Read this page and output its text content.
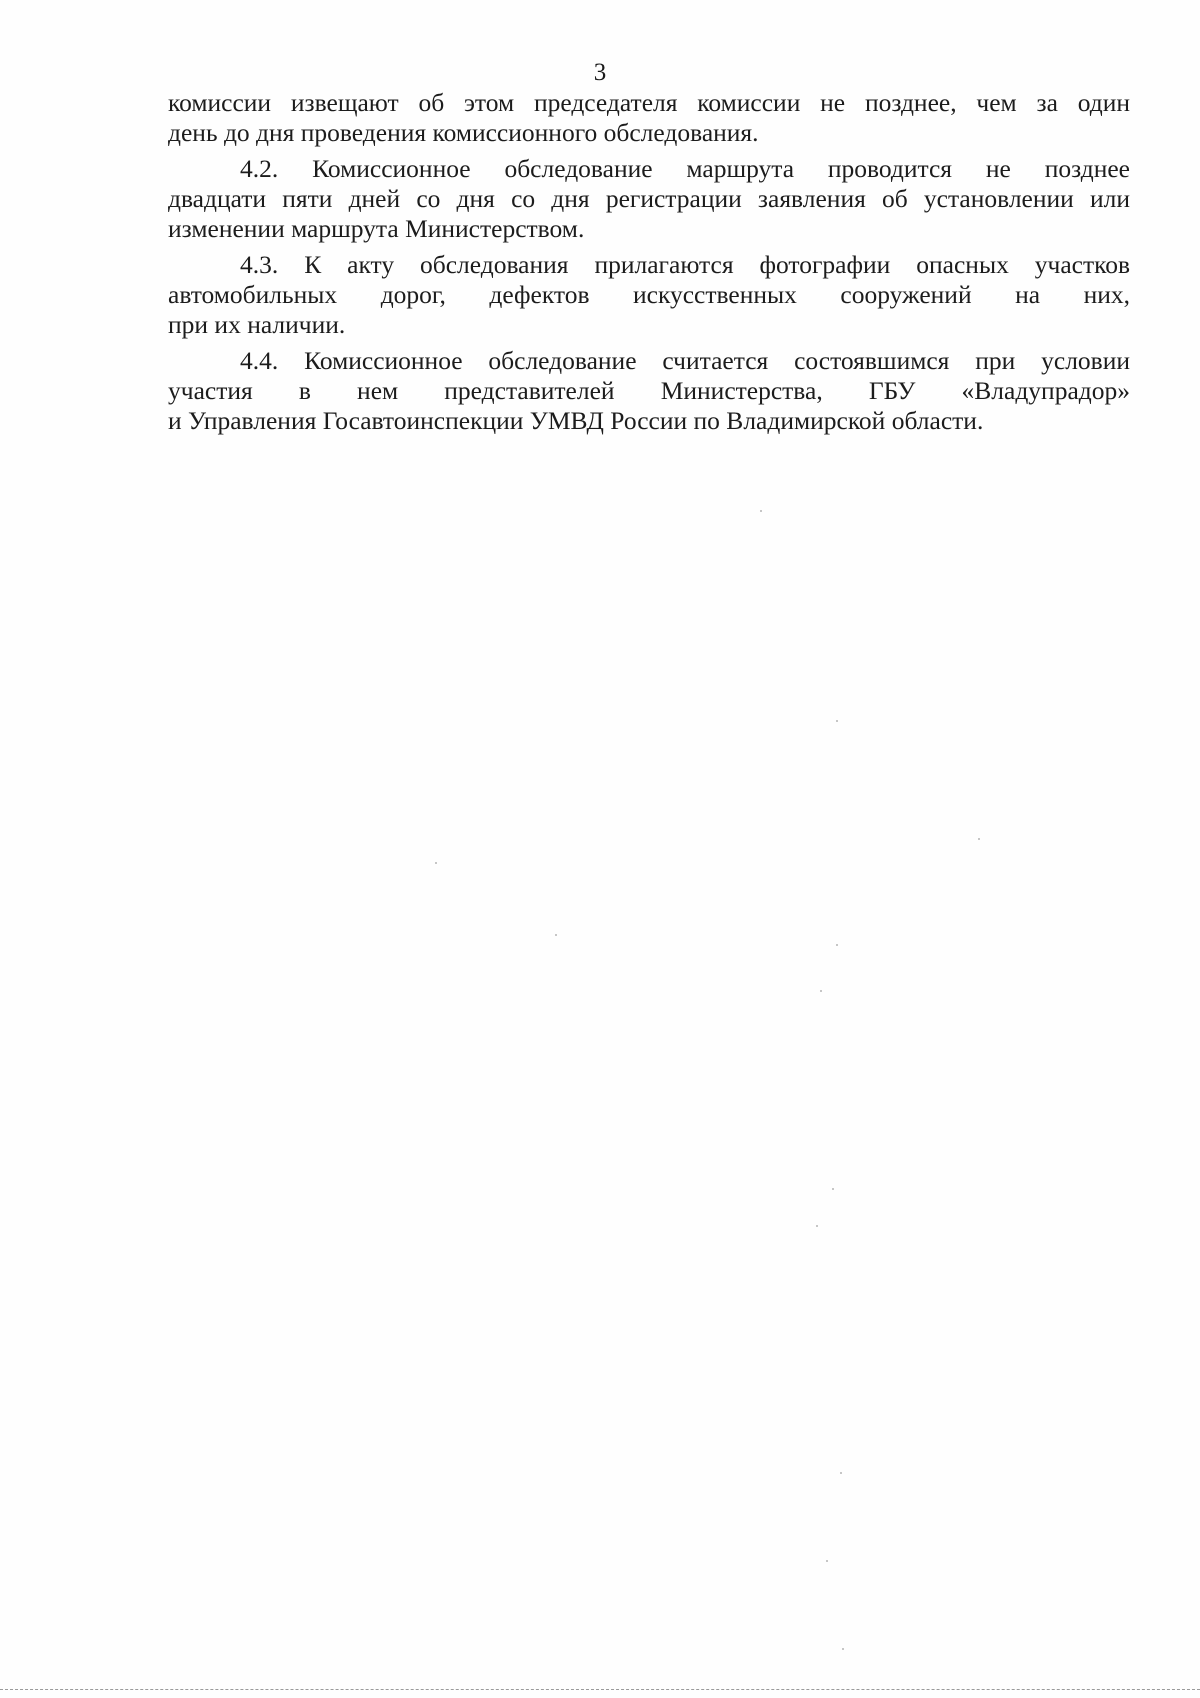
3
комиссии извещают об этом председателя комиссии не позднее, чем за один
день до дня проведения комиссионного обследования.
4.2. Комиссионное обследование маршрута проводится не позднее
двадцати пяти дней со дня со дня регистрации заявления об установлении или
изменении маршрута Министерством.
4.3. К акту обследования прилагаются фотографии опасных участков
автомобильных дорог, дефектов искусственных сооружений на них,
при их наличии.
4.4. Комиссионное обследование считается состоявшимся при условии
участия в нем представителей Министерства, ГБУ «Владупрадор»
и Управления Госавтоинспекции УМВД России по Владимирской области.
